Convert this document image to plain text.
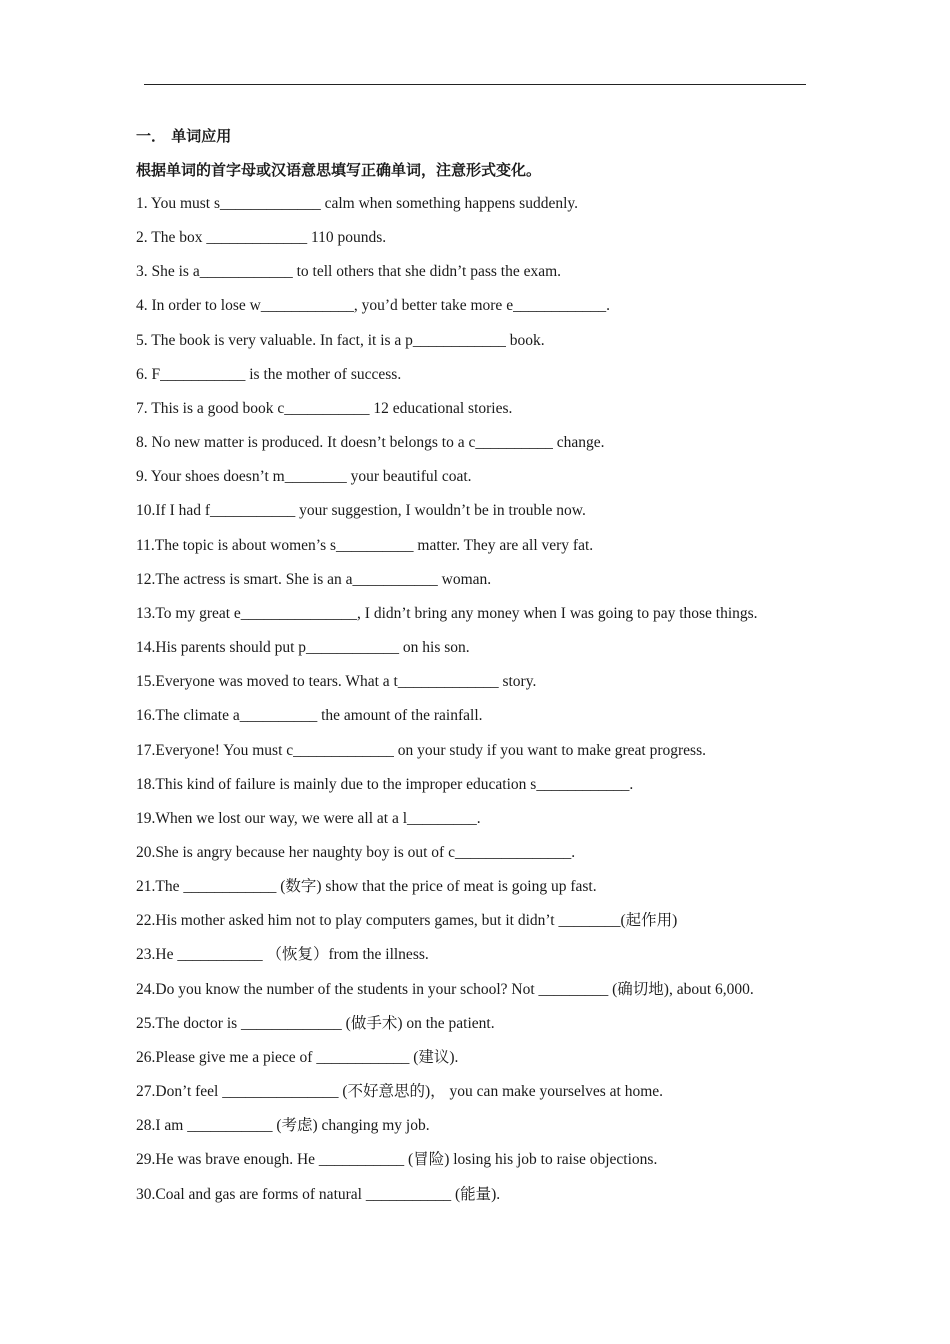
一． 单词应用
根据单词的首字母或汉语意思填写正确单词，注意形式变化。
1. You must s_____________ calm when something happens suddenly.
2. The box _____________ 110 pounds.
3. She is a____________ to tell others that she didn’t pass the exam.
4. In order to lose w____________, you’d better take more e____________.
5. The book is very valuable. In fact, it is a p____________ book.
6. F___________ is the mother of success.
7. This is a good book c___________ 12 educational stories.
8. No new matter is produced. It doesn’t belongs to a c__________ change.
9. Your shoes doesn’t m________ your beautiful coat.
10.If I had f___________ your suggestion, I wouldn’t be in trouble now.
11.The topic is about women’s s__________ matter. They are all very fat.
12.The actress is smart. She is an a___________ woman.
13.To my great e_______________, I didn’t bring any money when I was going to pay those things.
14.His parents should put p____________ on his son.
15.Everyone was moved to tears. What a t_____________ story.
16.The climate a__________ the amount of the rainfall.
17.Everyone! You must c_____________ on your study if you want to make great progress.
18.This kind of failure is mainly due to the improper education s____________.
19.When we lost our way, we were all at a l_________.
20.She is angry because her naughty boy is out of c_______________.
21.The ____________ (数字) show that the price of meat is going up fast.
22.His mother asked him not to play computers games, but it didn’t ________(起作用)
23.He ___________ （恢复）from the illness.
24.Do you know the number of the students in your school? Not _________ (确切地), about 6,000.
25.The doctor is _____________ (做手术) on the patient.
26.Please give me a piece of ____________ (建议).
27.Don’t feel _______________ (不好意思的)， you can make yourselves at home.
28.I am ___________ (考虑) changing my job.
29.He was brave enough. He ___________ (冒险) losing his job to raise objections.
30.Coal and gas are forms of natural ___________ (能量).
